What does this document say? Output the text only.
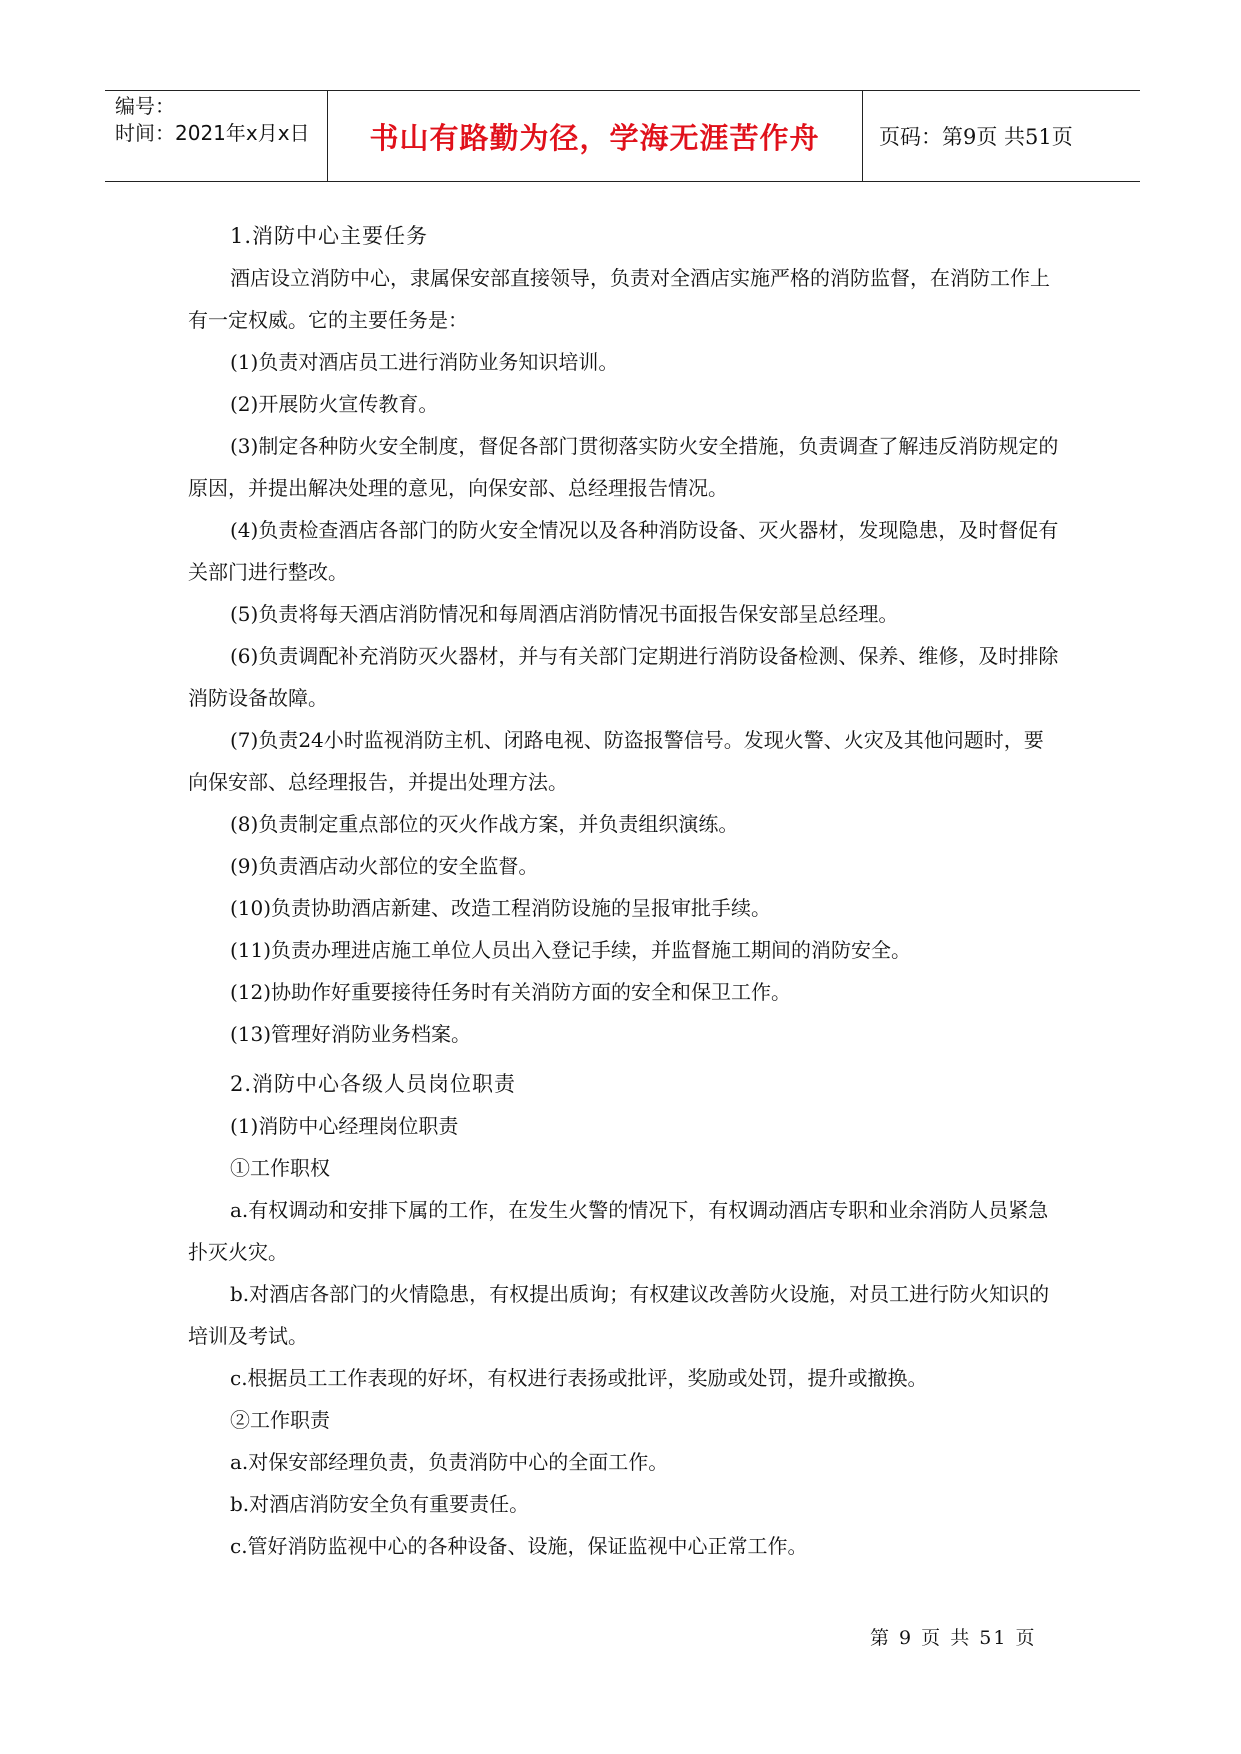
编号：
时间：2021年x月x日	书山有路勤为径，学海无涯苦作舟	页码：第9页 共51页

1.消防中心主要任务

酒店设立消防中心，隶属保安部直接领导，负责对全酒店实施严格的消防监督，在消防工作上有一定权威。它的主要任务是：

(1)负责对酒店员工进行消防业务知识培训。

(2)开展防火宣传教育。

(3)制定各种防火安全制度，督促各部门贯彻落实防火安全措施，负责调查了解违反消防规定的原因，并提出解决处理的意见，向保安部、总经理报告情况。

(4)负责检查酒店各部门的防火安全情况以及各种消防设备、灭火器材，发现隐患，及时督促有关部门进行整改。

(5)负责将每天酒店消防情况和每周酒店消防情况书面报告保安部呈总经理。

(6)负责调配补充消防灭火器材，并与有关部门定期进行消防设备检测、保养、维修，及时排除消防设备故障。

(7)负责24小时监视消防主机、闭路电视、防盗报警信号。发现火警、火灾及其他问题时，要向保安部、总经理报告，并提出处理方法。

(8)负责制定重点部位的灭火作战方案，并负责组织演练。

(9)负责酒店动火部位的安全监督。

(10)负责协助酒店新建、改造工程消防设施的呈报审批手续。

(11)负责办理进店施工单位人员出入登记手续，并监督施工期间的消防安全。

(12)协助作好重要接待任务时有关消防方面的安全和保卫工作。

(13)管理好消防业务档案。

2.消防中心各级人员岗位职责

(1)消防中心经理岗位职责

①工作职权

a.有权调动和安排下属的工作，在发生火警的情况下，有权调动酒店专职和业余消防人员紧急扑灭火灾。

b.对酒店各部门的火情隐患，有权提出质询；有权建议改善防火设施，对员工进行防火知识的培训及考试。

c.根据员工工作表现的好坏，有权进行表扬或批评，奖励或处罚，提升或撤换。

②工作职责

a.对保安部经理负责，负责消防中心的全面工作。

b.对酒店消防安全负有重要责任。

c.管好消防监视中心的各种设备、设施，保证监视中心正常工作。

第 9 页 共 51 页
